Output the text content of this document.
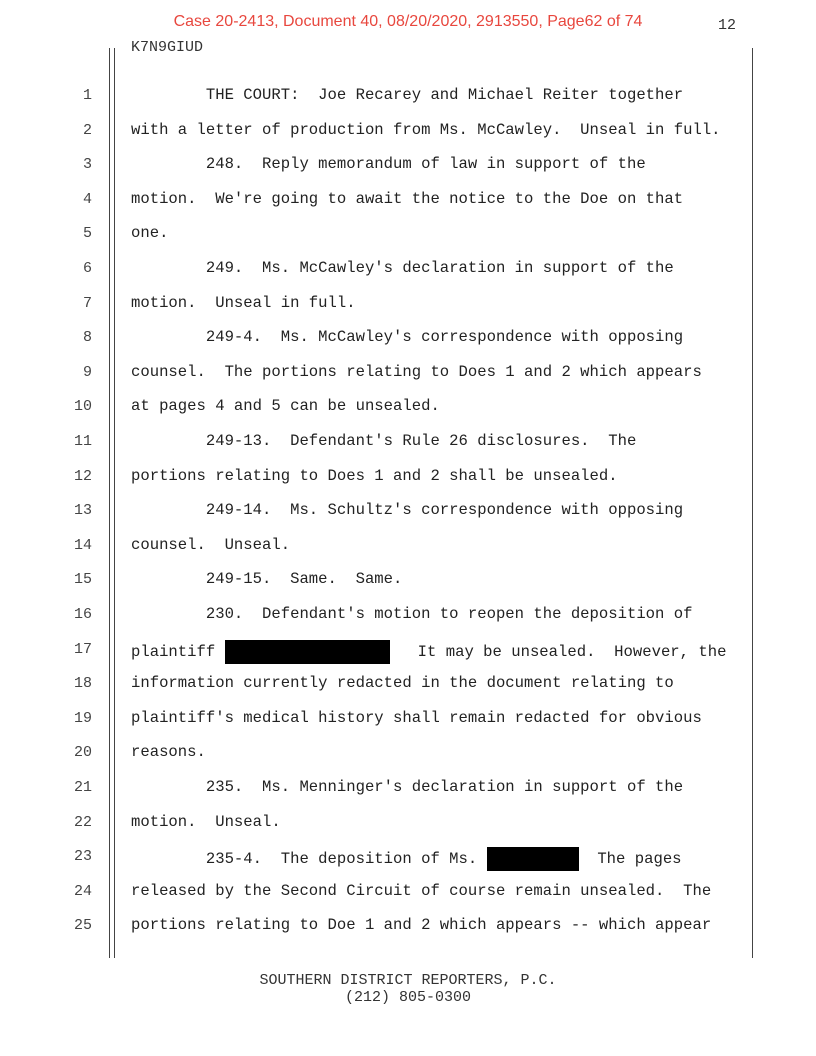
Case 20-2413, Document 40, 08/20/2020, 2913550, Page62 of 74	12
K7N9GIUD
1	THE COURT:  Joe Recarey and Michael Reiter together
2	with a letter of production from Ms. McCawley.  Unseal in full.
3	248.  Reply memorandum of law in support of the
4	motion.  We're going to await the notice to the Doe on that
5	one.
6	249.  Ms. McCawley's declaration in support of the
7	motion.  Unseal in full.
8	249-4.  Ms. McCawley's correspondence with opposing
9	counsel.  The portions relating to Does 1 and 2 which appears
10	at pages 4 and 5 can be unsealed.
11	249-13.  Defendant's Rule 26 disclosures.  The
12	portions relating to Does 1 and 2 shall be unsealed.
13	249-14.  Ms. Schultz's correspondence with opposing
14	counsel.  Unseal.
15	249-15.  Same.  Same.
16	230.  Defendant's motion to reopen the deposition of
17	plaintiff	It may be unsealed.  However, the
18	information currently redacted in the document relating to
19	plaintiff's medical history shall remain redacted for obvious
20	reasons.
21	235.  Ms. Menninger's declaration in support of the
22	motion.  Unseal.
23	235-4.  The deposition of Ms.	The pages
24	released by the Second Circuit of course remain unsealed.  The
25	portions relating to Doe 1 and 2 which appears -- which appear
SOUTHERN DISTRICT REPORTERS, P.C.
(212) 805-0300
